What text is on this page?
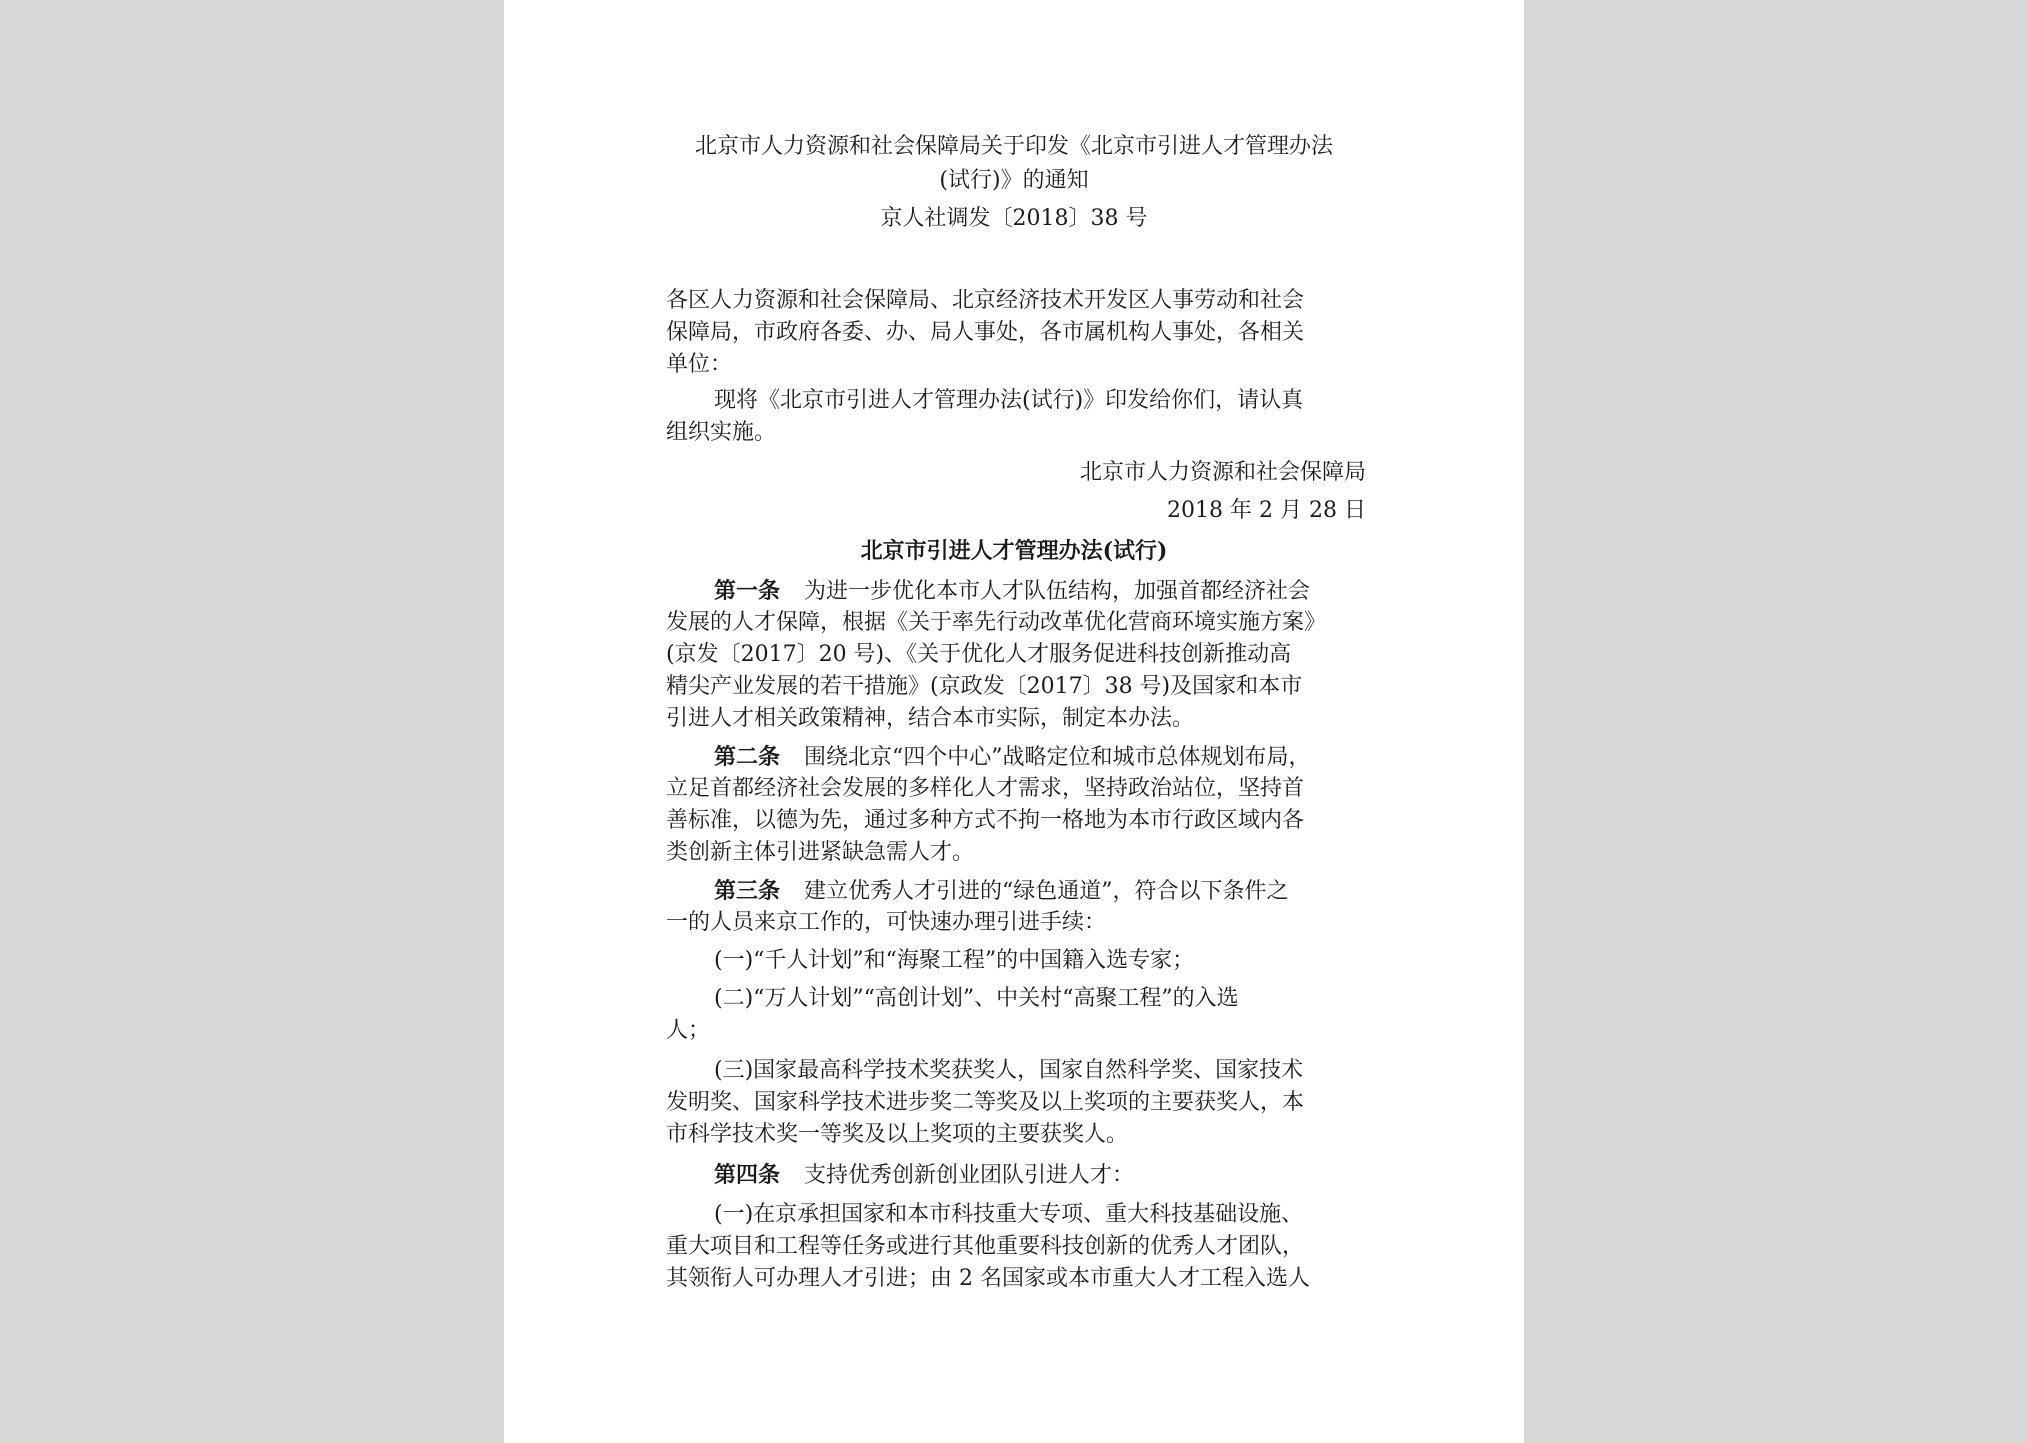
北京市人力资源和社会保障局关于印发《北京市引进人才管理办法
(试行)》的通知
京人社调发〔2018〕38 号
各区人力资源和社会保障局、北京经济技术开发区人事劳动和社会
保障局，市政府各委、办、局人事处，各市属机构人事处，各相关
单位：
现将《北京市引进人才管理办法(试行)》印发给你们，请认真
组织实施。
北京市人力资源和社会保障局
2018 年 2 月 28 日
北京市引进人才管理办法(试行)
第一条 为进一步优化本市人才队伍结构，加强首都经济社会
发展的人才保障，根据《关于率先行动改革优化营商环境实施方案》
(京发〔2017〕20 号)、《关于优化人才服务促进科技创新推动高
精尖产业发展的若干措施》(京政发〔2017〕38 号)及国家和本市
引进人才相关政策精神，结合本市实际，制定本办法。
第二条 围绕北京“四个中心”战略定位和城市总体规划布局，
立足首都经济社会发展的多样化人才需求，坚持政治站位，坚持首
善标准，以德为先，通过多种方式不拘一格地为本市行政区域内各
类创新主体引进紧缺急需人才。
第三条 建立优秀人才引进的“绿色通道”，符合以下条件之
一的人员来京工作的，可快速办理引进手续：
(一)“千人计划”和“海聚工程”的中国籍入选专家；
(二)“万人计划”“高创计划”、中关村“高聚工程”的入选
人；
(三)国家最高科学技术奖获奖人，国家自然科学奖、国家技术
发明奖、国家科学技术进步奖二等奖及以上奖项的主要获奖人，本
市科学技术奖一等奖及以上奖项的主要获奖人。
第四条 支持优秀创新创业团队引进人才：
(一)在京承担国家和本市科技重大专项、重大科技基础设施、
重大项目和工程等任务或进行其他重要科技创新的优秀人才团队，
其领衔人可办理人才引进；由 2 名国家或本市重大人才工程入选人
